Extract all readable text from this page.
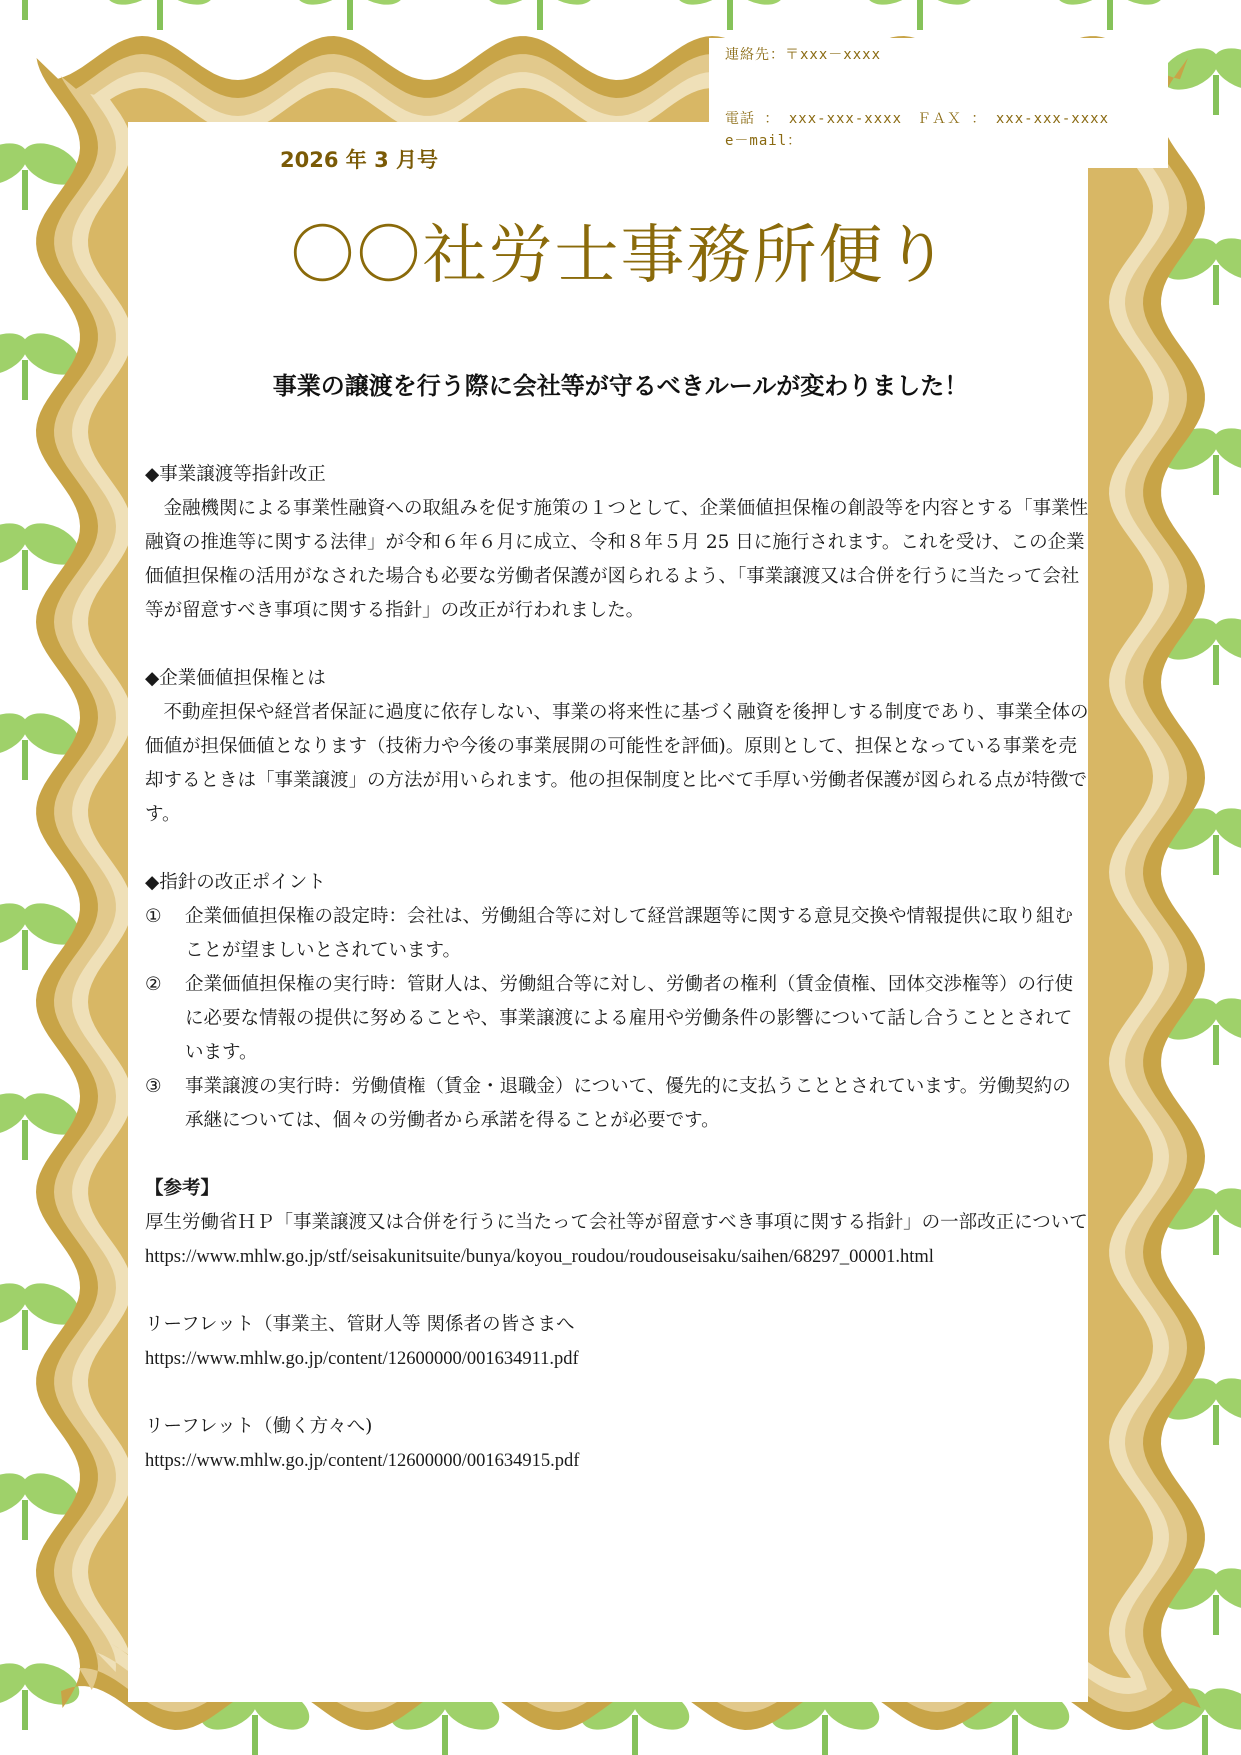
連絡先：〒xxx－xxxx
電話 ： xxx-xxx-xxxx　ＦＡＸ ： xxx-xxx-xxxx
e－mail：
2026 年 3 月号
〇〇社労士事務所便り
事業の譲渡を行う際に会社等が守るべきルールが変わりました！

◆事業譲渡等指針改正

金融機関による事業性融資への取組みを促す施策の１つとして、企業価値担保権の創設等を内容とする「事業性融資の推進等に関する法律」が令和６年６月に成立、令和８年５月 25 日に施行されます。これを受け、この企業価値担保権の活用がなされた場合も必要な労働者保護が図られるよう、「事業譲渡又は合併を行うに当たって会社等が留意すべき事項に関する指針」の改正が行われました。

◆企業価値担保権とは

不動産担保や経営者保証に過度に依存しない、事業の将来性に基づく融資を後押しする制度であり、事業全体の価値が担保価値となります（技術力や今後の事業展開の可能性を評価)。原則として、担保となっている事業を売却するときは「事業譲渡」の方法が用いられます。他の担保制度と比べて手厚い労働者保護が図られる点が特徴です。

◆指針の改正ポイント

①	企業価値担保権の設定時：会社は、労働組合等に対して経営課題等に関する意見交換や情報提供に取り組むことが望ましいとされています。
②	企業価値担保権の実行時：管財人は、労働組合等に対し、労働者の権利（賃金債権、団体交渉権等）の行使に必要な情報の提供に努めることや、事業譲渡による雇用や労働条件の影響について話し合うこととされています。
③	事業譲渡の実行時：労働債権（賃金・退職金）について、優先的に支払うこととされています。労働契約の承継については、個々の労働者から承諾を得ることが必要です。

【参考】

厚生労働省ＨＰ「事業譲渡又は合併を行うに当たって会社等が留意すべき事項に関する指針」の一部改正について

https://www.mhlw.go.jp/stf/seisakunitsuite/bunya/koyou_roudou/roudouseisaku/saihen/68297_00001.html

リーフレット（事業主、管財人等 関係者の皆さまへ

https://www.mhlw.go.jp/content/12600000/001634911.pdf

リーフレット（働く方々へ)

https://www.mhlw.go.jp/content/12600000/001634915.pdf
